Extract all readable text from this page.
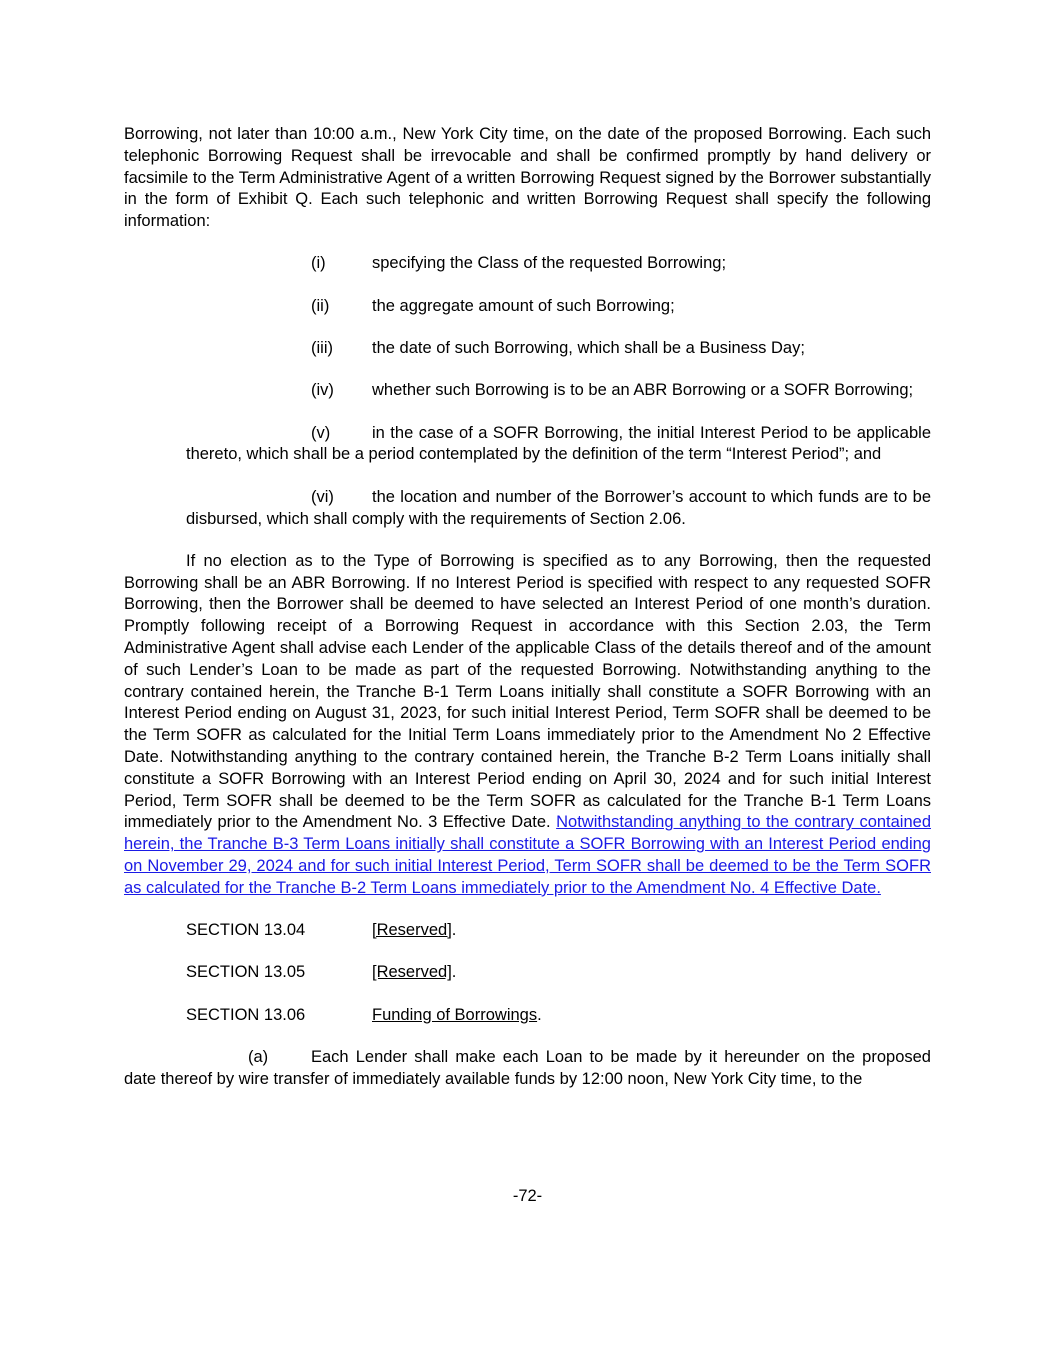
Borrowing, not later than 10:00 a.m., New York City time, on the date of the proposed Borrowing. Each such telephonic Borrowing Request shall be irrevocable and shall be confirmed promptly by hand delivery or facsimile to the Term Administrative Agent of a written Borrowing Request signed by the Borrower substantially in the form of Exhibit Q. Each such telephonic and written Borrowing Request shall specify the following information:

(i)	specifying the Class of the requested Borrowing;
(ii)	the aggregate amount of such Borrowing;
(iii) the date of such Borrowing, which shall be a Business Day;

(iv) whether such Borrowing is to be an ABR Borrowing or a SOFR Borrowing;

(v)	in the case of a SOFR Borrowing, the initial Interest Period to be applicable thereto, which shall be a period contemplated by the definition of the term “Interest Period”; and

(vi) the location and number of the Borrower’s account to which funds are to be disbursed, which shall comply with the requirements of Section 2.06.

If no election as to the Type of Borrowing is specified as to any Borrowing, then the requested Borrowing shall be an ABR Borrowing. If no Interest Period is specified with respect to any requested SOFR Borrowing, then the Borrower shall be deemed to have selected an Interest Period of one month’s duration. Promptly following receipt of a Borrowing Request in accordance with this Section 2.03, the Term Administrative Agent shall advise each Lender of the applicable Class of the details thereof and of the amount of such Lender’s Loan to be made as part of the requested Borrowing. Notwithstanding anything to the contrary contained herein, the Tranche B-1 Term Loans initially shall constitute a SOFR Borrowing with an Interest Period ending on August 31, 2023, for such initial Interest Period, Term SOFR shall be deemed to be the Term SOFR as calculated for the Initial Term Loans immediately prior to the Amendment No 2 Effective Date. Notwithstanding anything to the contrary contained herein, the Tranche B-2 Term Loans initially shall constitute a SOFR Borrowing with an Interest Period ending on April 30, 2024 and for such initial Interest Period, Term SOFR shall be deemed to be the Term SOFR as calculated for the Tranche B-1 Term Loans immediately prior to the Amendment No. 3 Effective Date. Notwithstanding anything to the contrary contained herein, the Tranche B-3 Term Loans initially shall constitute a SOFR Borrowing with an Interest Period ending on November 29, 2024 and for such initial Interest Period, Term SOFR shall be deemed to be the Term SOFR as calculated for the Tranche B-2 Term Loans immediately prior to the Amendment No. 4 Effective Date.

SECTION 13.04	[Reserved].
SECTION 13.05	[Reserved].
SECTION 13.06	Funding of Borrowings.

(a)	Each Lender shall make each Loan to be made by it hereunder on the proposed date thereof by wire transfer of immediately available funds by 12:00 noon, New York City time, to the

-72-
